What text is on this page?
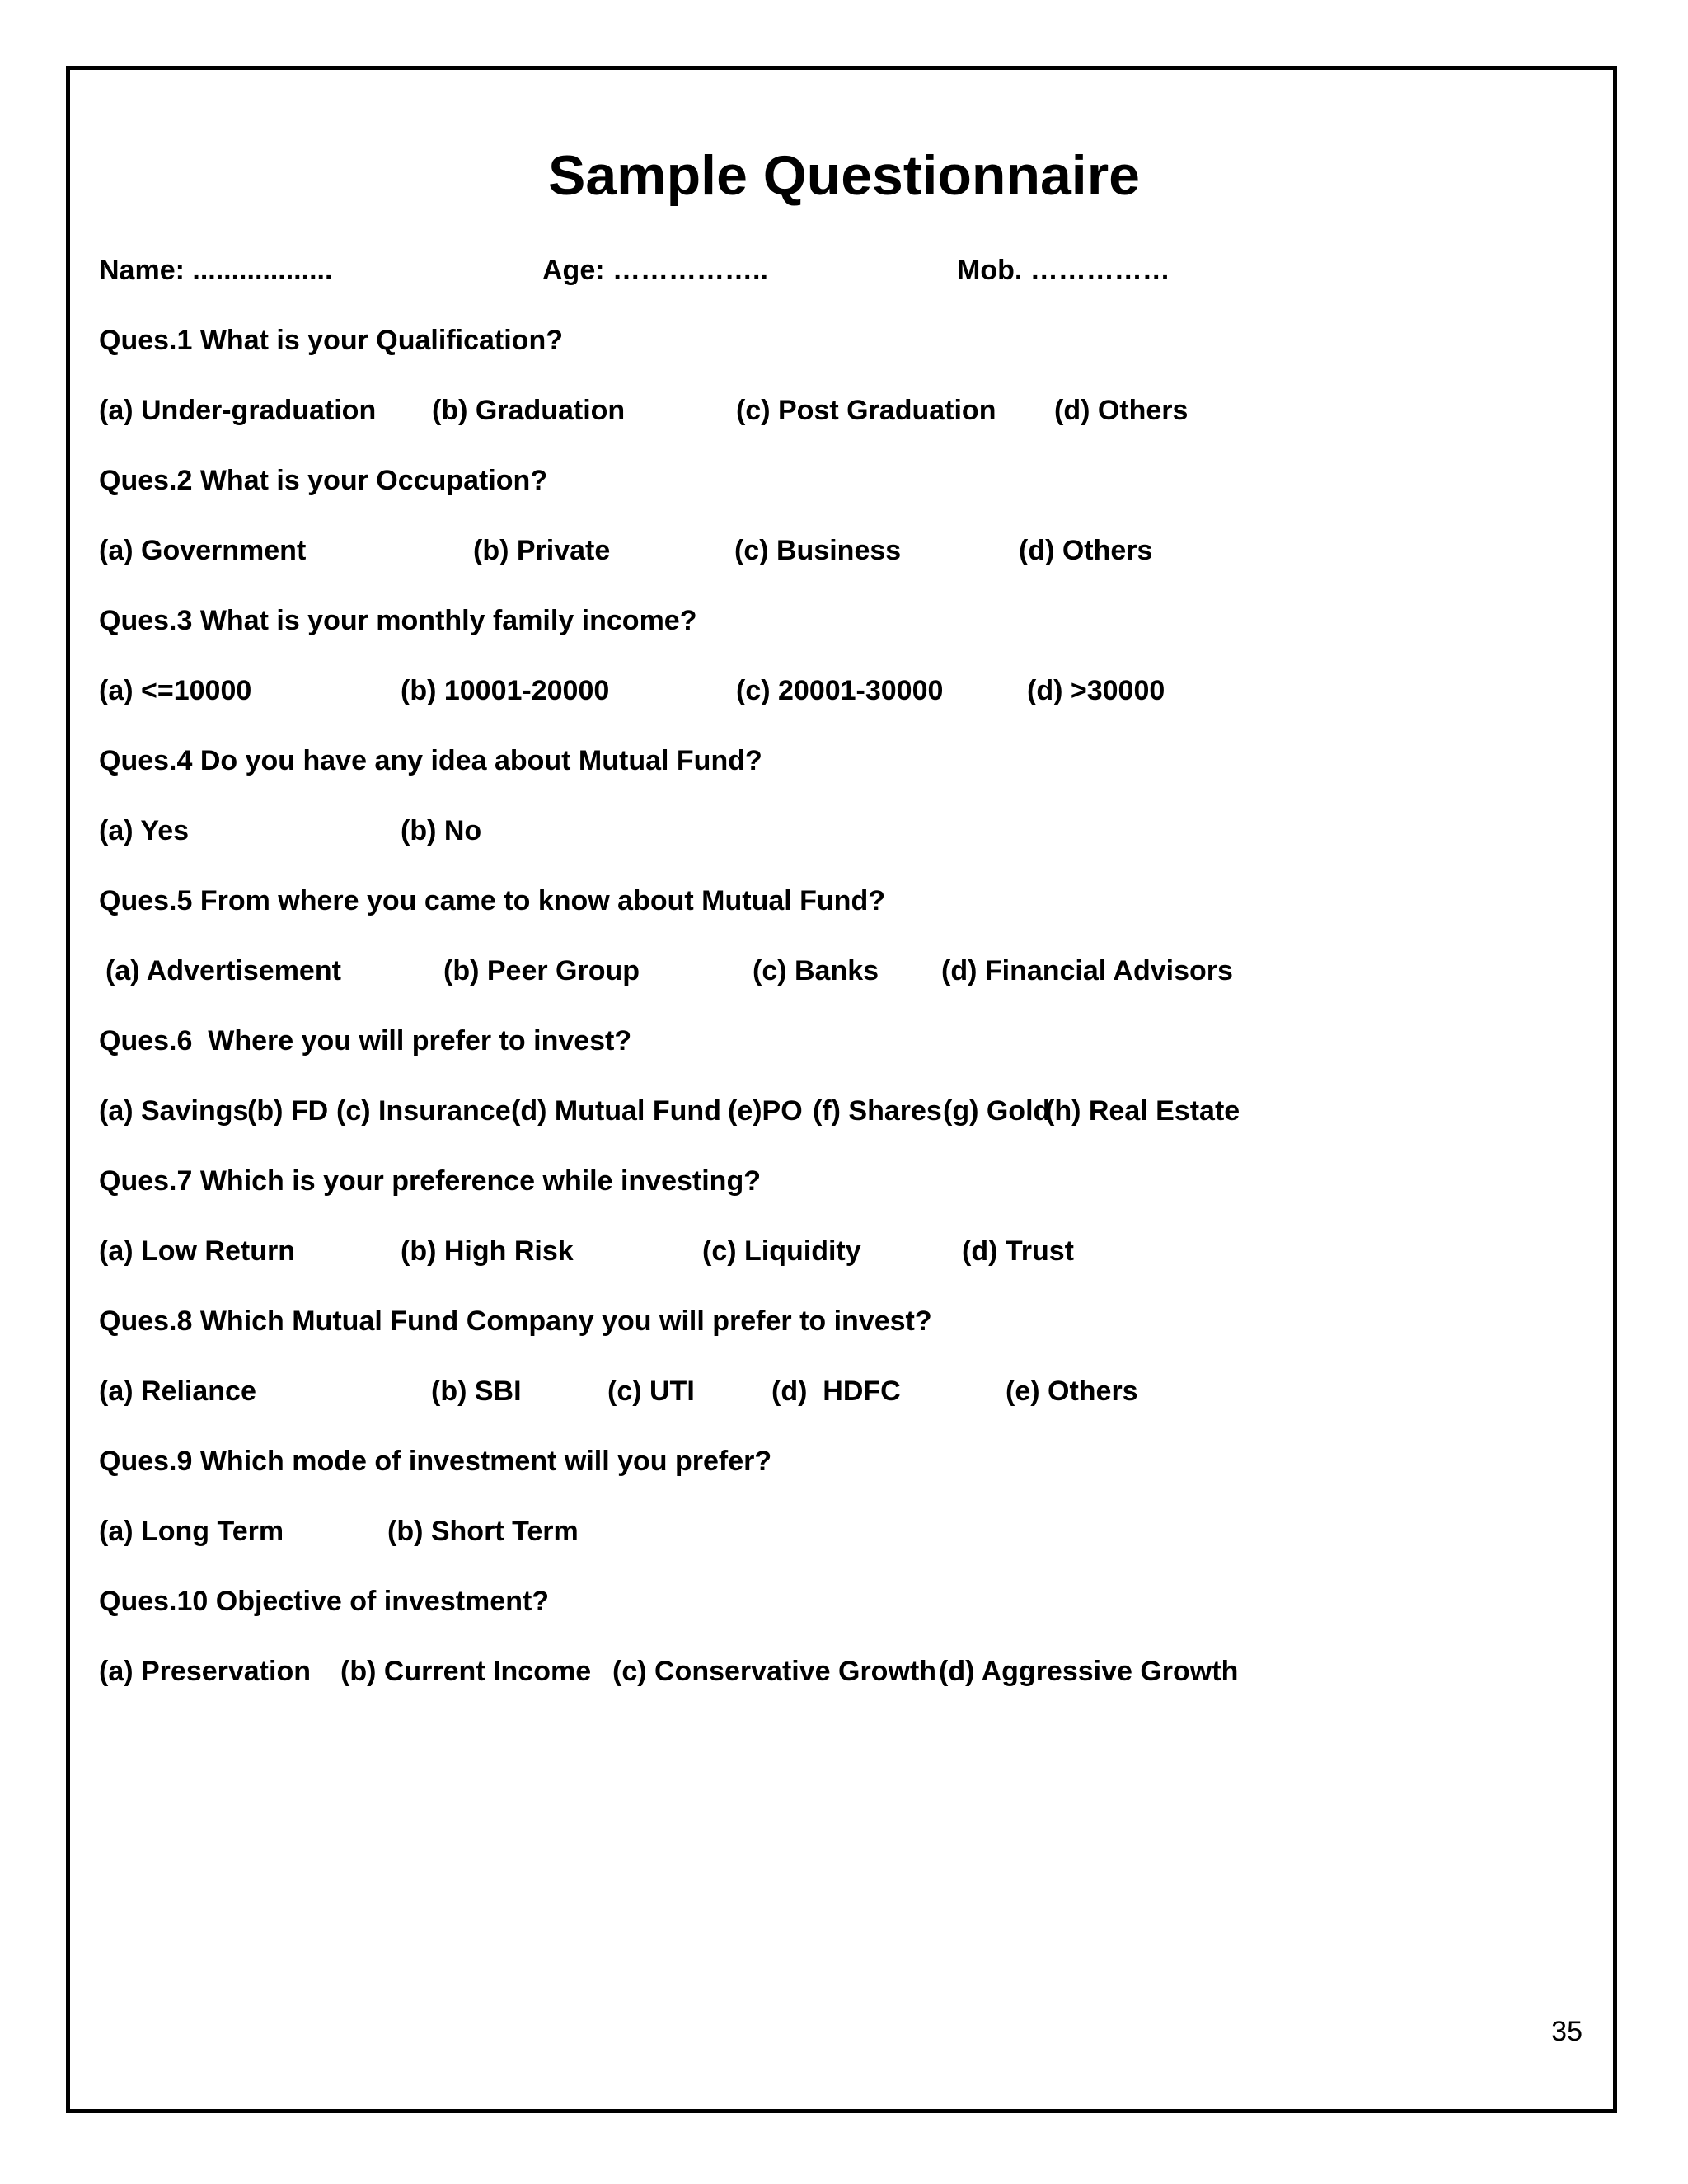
Sample Questionnaire
Name: ..................	Age: ……………..	Mob. ……………
Ques.1 What is your Qualification?
(a) Under-graduation (b) Graduation	(c) Post Graduation (d) Others
Ques.2 What is your Occupation?
(a) Government	(b) Private	(c) Business	(d) Others
Ques.3 What is your monthly family income?
(a) <=10000	(b) 10001-20000	(c) 20001-30000	(d) >30000
Ques.4 Do you have any idea about Mutual Fund?
(a) Yes	(b) No
Ques.5 From where you came to know about Mutual Fund?
(a) Advertisement	(b) Peer Group	(c) Banks (d) Financial Advisors
Ques.6  Where you will prefer to invest?
(a) Savings
(b) FD (c) Insurance (d) Mutual Fund (e)PO (f) Shares (g) Gold
(h) Real Estate
Ques.7 Which is your preference while investing?
(a) Low Return	(b) High Risk	(c) Liquidity	(d) Trust
Ques.8 Which Mutual Fund Company you will prefer to invest?
(a) Reliance	(b) SBI	(c) UTI	(d)  HDFC	(e) Others
Ques.9 Which mode of investment will you prefer?
(a) Long Term	(b) Short Term
Ques.10 Objective of investment?
(a) Preservation (b) Current Income (c) Conservative Growth (d) Aggressive Growth
35
